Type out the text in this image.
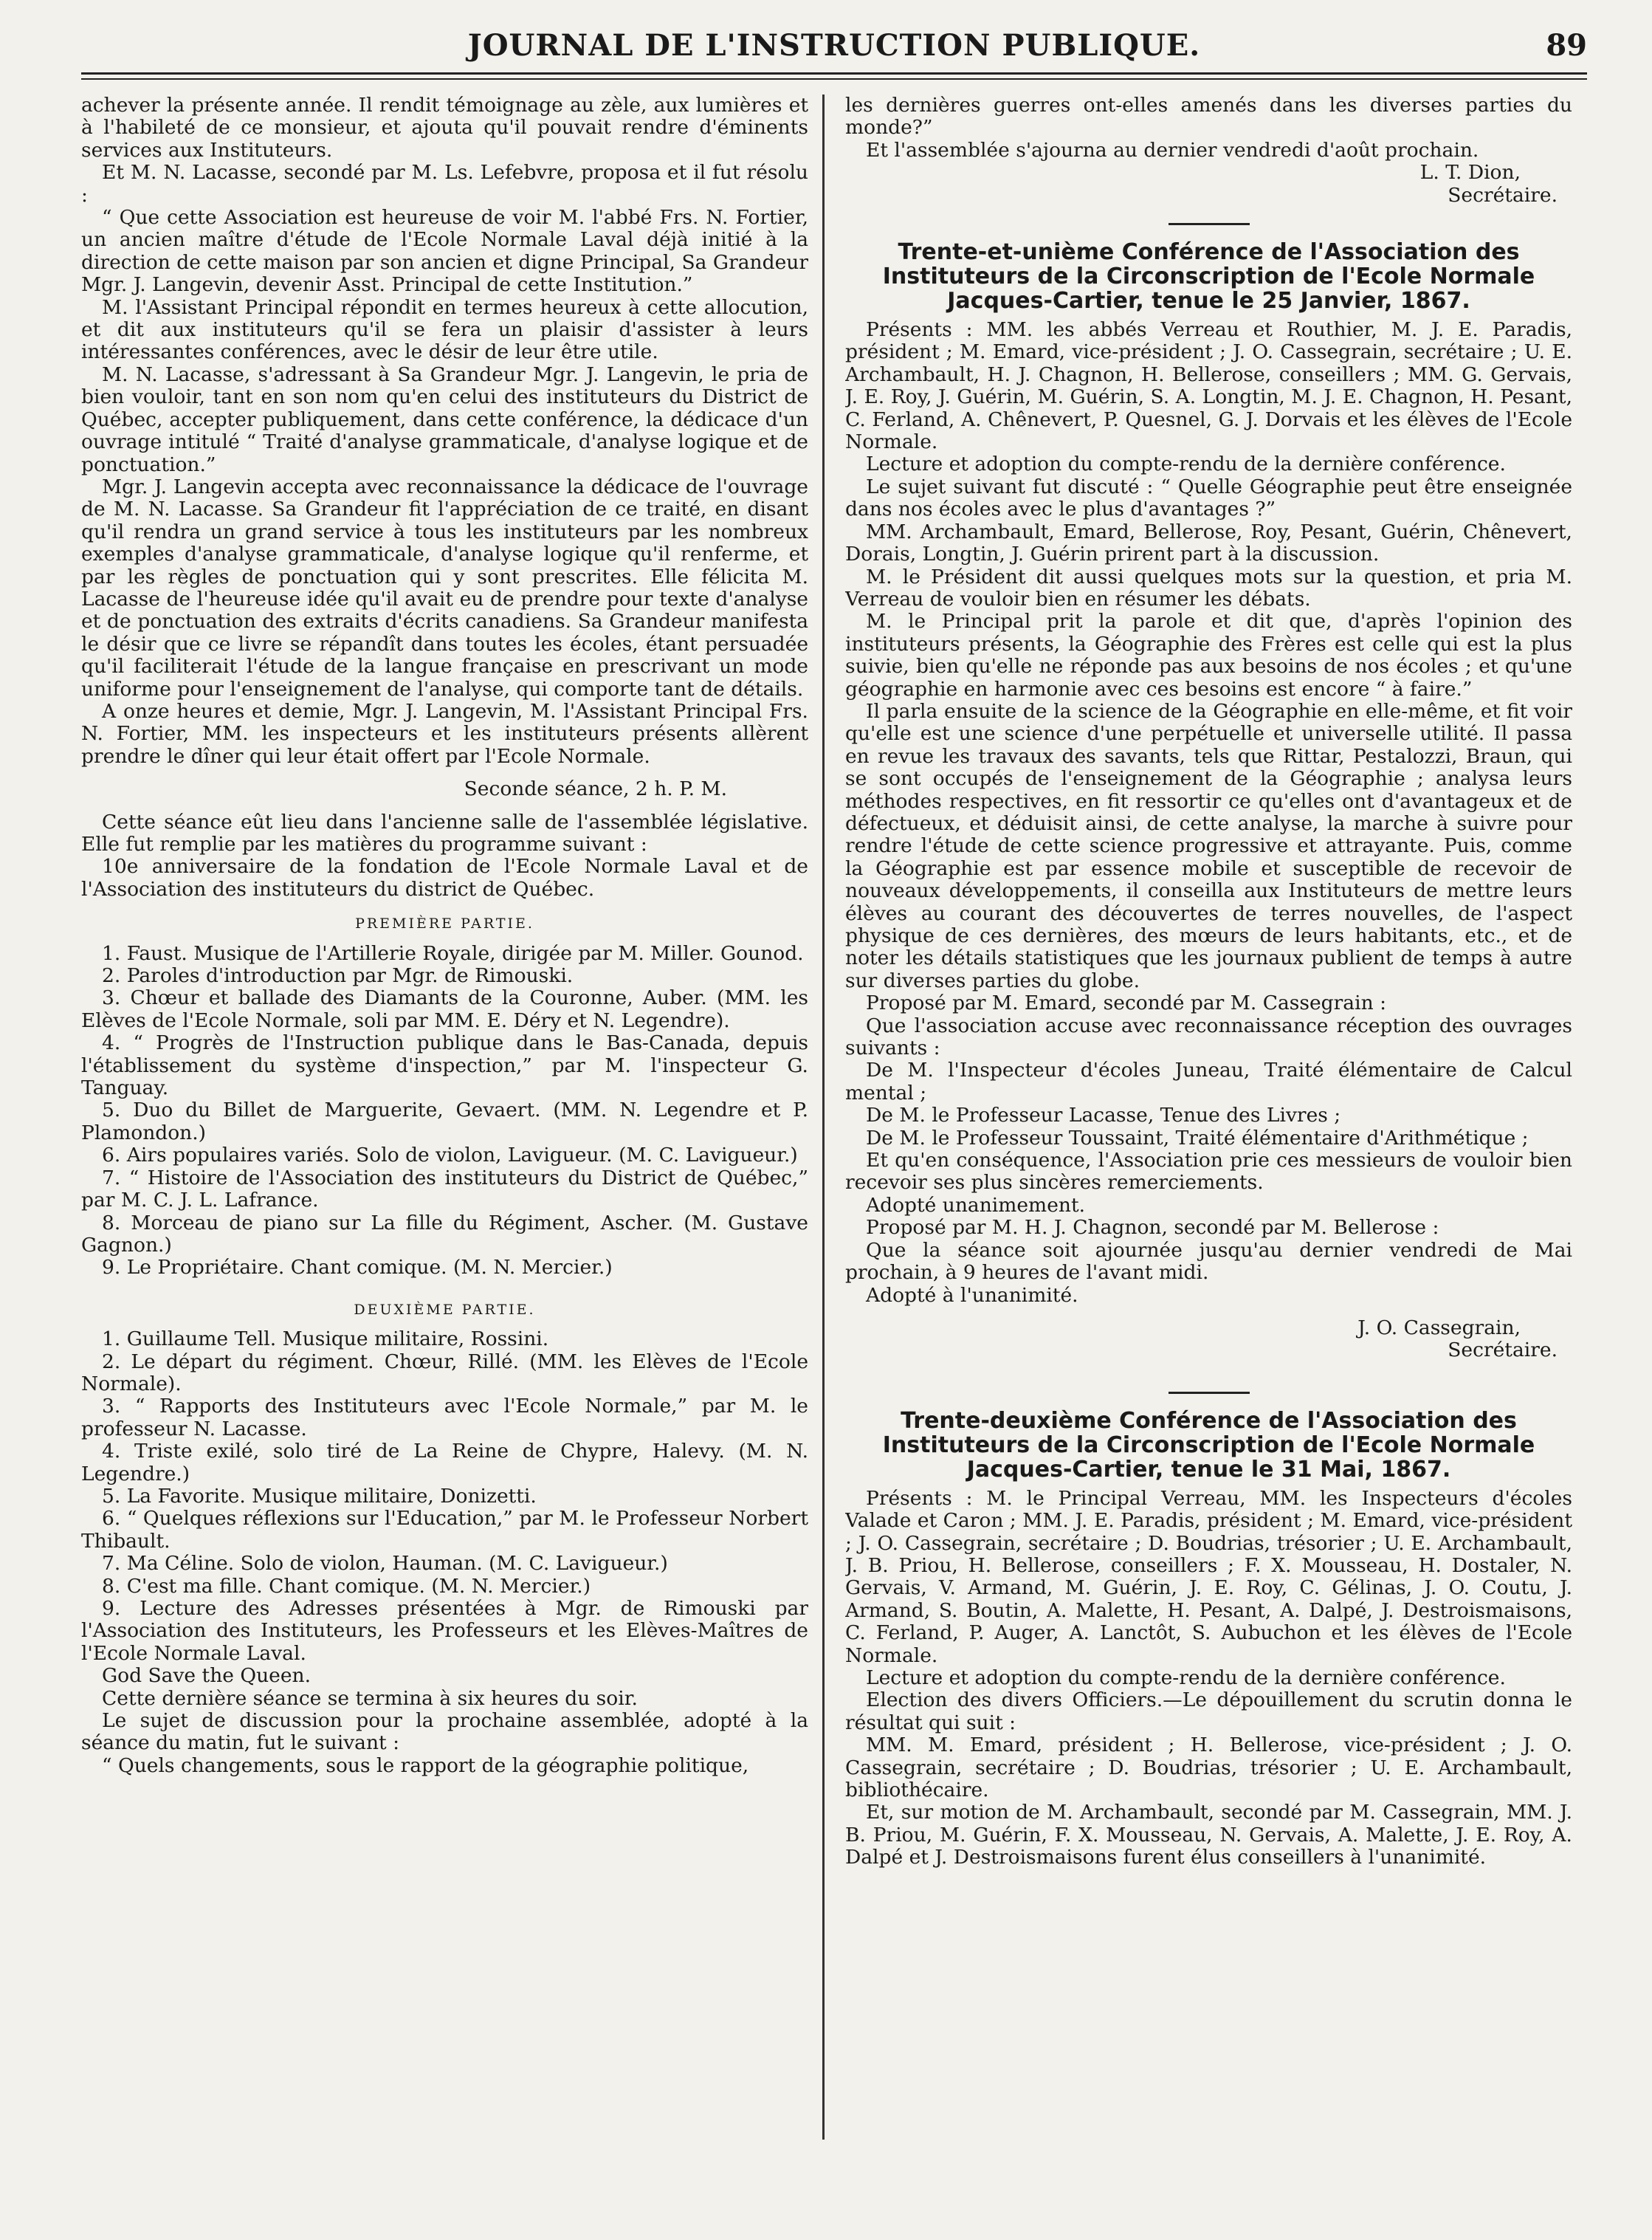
JOURNAL DE L'INSTRUCTION PUBLIQUE.	89

achever la présente année. Il rendit témoignage au zèle, aux lumières et à l'habileté de ce monsieur, et ajouta qu'il pouvait rendre d'éminents services aux Instituteurs.

Et M. N. Lacasse, secondé par M. Ls. Lefebvre, proposa et il fut résolu :

“ Que cette Association est heureuse de voir M. l'abbé Frs. N. Fortier, un ancien maître d'étude de l'Ecole Normale Laval déjà initié à la direction de cette maison par son ancien et digne Principal, Sa Grandeur Mgr. J. Langevin, devenir Asst. Principal de cette Institution.”

M. l'Assistant Principal répondit en termes heureux à cette allocution, et dit aux instituteurs qu'il se fera un plaisir d'assister à leurs intéressantes conférences, avec le désir de leur être utile.

M. N. Lacasse, s'adressant à Sa Grandeur Mgr. J. Langevin, le pria de bien vouloir, tant en son nom qu'en celui des instituteurs du District de Québec, accepter publiquement, dans cette conférence, la dédicace d'un ouvrage intitulé “ Traité d'analyse grammaticale, d'analyse logique et de ponctuation.”

Mgr. J. Langevin accepta avec reconnaissance la dédicace de l'ouvrage de M. N. Lacasse. Sa Grandeur fit l'appréciation de ce traité, en disant qu'il rendra un grand service à tous les instituteurs par les nombreux exemples d'analyse grammaticale, d'analyse logique qu'il renferme, et par les règles de ponctuation qui y sont prescrites. Elle félicita M. Lacasse de l'heureuse idée qu'il avait eu de prendre pour texte d'analyse et de ponctuation des extraits d'écrits canadiens. Sa Grandeur manifesta le désir que ce livre se répandît dans toutes les écoles, étant persuadée qu'il faciliterait l'étude de la langue française en prescrivant un mode uniforme pour l'enseignement de l'analyse, qui comporte tant de détails.

A onze heures et demie, Mgr. J. Langevin, M. l'Assistant Principal Frs. N. Fortier, MM. les inspecteurs et les instituteurs présents allèrent prendre le dîner qui leur était offert par l'Ecole Normale.

Seconde séance, 2 h. P. M.

Cette séance eût lieu dans l'ancienne salle de l'assemblée législative. Elle fut remplie par les matières du programme suivant :

10e anniversaire de la fondation de l'Ecole Normale Laval et de l'Association des instituteurs du district de Québec.

PREMIÈRE PARTIE.

1. Faust. Musique de l'Artillerie Royale, dirigée par M. Miller. Gounod.

2. Paroles d'introduction par Mgr. de Rimouski.

3. Chœur et ballade des Diamants de la Couronne, Auber. (MM. les Elèves de l'Ecole Normale, soli par MM. E. Déry et N. Legendre).

4. “ Progrès de l'Instruction publique dans le Bas-Canada, depuis l'établissement du système d'inspection,” par M. l'inspecteur G. Tanguay.

5. Duo du Billet de Marguerite, Gevaert. (MM. N. Legendre et P. Plamondon.)

6. Airs populaires variés. Solo de violon, Lavigueur. (M. C. Lavigueur.)

7. “ Histoire de l'Association des instituteurs du District de Québec,” par M. C. J. L. Lafrance.

8. Morceau de piano sur La fille du Régiment, Ascher. (M. Gustave Gagnon.)

9. Le Propriétaire. Chant comique. (M. N. Mercier.)

DEUXIÈME PARTIE.

1. Guillaume Tell. Musique militaire, Rossini.

2. Le départ du régiment. Chœur, Rillé. (MM. les Elèves de l'Ecole Normale).

3. “ Rapports des Instituteurs avec l'Ecole Normale,” par M. le professeur N. Lacasse.

4. Triste exilé, solo tiré de La Reine de Chypre, Halevy. (M. N. Legendre.)

5. La Favorite. Musique militaire, Donizetti.

6. “ Quelques réflexions sur l'Education,” par M. le Professeur Norbert Thibault.

7. Ma Céline. Solo de violon, Hauman. (M. C. Lavigueur.)

8. C'est ma fille. Chant comique. (M. N. Mercier.)

9. Lecture des Adresses présentées à Mgr. de Rimouski par l'Association des Instituteurs, les Professeurs et les Elèves-Maîtres de l'Ecole Normale Laval.

God Save the Queen.

Cette dernière séance se termina à six heures du soir.

Le sujet de discussion pour la prochaine assemblée, adopté à la séance du matin, fut le suivant :

“ Quels changements, sous le rapport de la géographie politique,

les dernières guerres ont-elles amenés dans les diverses parties du monde?”

Et l'assemblée s'ajourna au dernier vendredi d'août prochain.

L. T. Dion,

Secrétaire.

Trente-et-unième Conférence de l'Association des Instituteurs de la Circonscription de l'Ecole Normale Jacques-Cartier, tenue le 25 Janvier, 1867.

Présents : MM. les abbés Verreau et Routhier, M. J. E. Paradis, président ; M. Emard, vice-président ; J. O. Cassegrain, secrétaire ; U. E. Archambault, H. J. Chagnon, H. Bellerose, conseillers ; MM. G. Gervais, J. E. Roy, J. Guérin, M. Guérin, S. A. Longtin, M. J. E. Chagnon, H. Pesant, C. Ferland, A. Chênevert, P. Quesnel, G. J. Dorvais et les élèves de l'Ecole Normale.

Lecture et adoption du compte-rendu de la dernière conférence.

Le sujet suivant fut discuté : “ Quelle Géographie peut être enseignée dans nos écoles avec le plus d'avantages ?”

MM. Archambault, Emard, Bellerose, Roy, Pesant, Guérin, Chênevert, Dorais, Longtin, J. Guérin prirent part à la discussion.

M. le Président dit aussi quelques mots sur la question, et pria M. Verreau de vouloir bien en résumer les débats.

M. le Principal prit la parole et dit que, d'après l'opinion des instituteurs présents, la Géographie des Frères est celle qui est la plus suivie, bien qu'elle ne réponde pas aux besoins de nos écoles ; et qu'une géographie en harmonie avec ces besoins est encore “ à faire.”

Il parla ensuite de la science de la Géographie en elle-même, et fit voir qu'elle est une science d'une perpétuelle et universelle utilité. Il passa en revue les travaux des savants, tels que Rittar, Pestalozzi, Braun, qui se sont occupés de l'enseignement de la Géographie ; analysa leurs méthodes respectives, en fit ressortir ce qu'elles ont d'avantageux et de défectueux, et déduisit ainsi, de cette analyse, la marche à suivre pour rendre l'étude de cette science progressive et attrayante. Puis, comme la Géographie est par essence mobile et susceptible de recevoir de nouveaux développements, il conseilla aux Instituteurs de mettre leurs élèves au courant des découvertes de terres nouvelles, de l'aspect physique de ces dernières, des mœurs de leurs habitants, etc., et de noter les détails statistiques que les journaux publient de temps à autre sur diverses parties du globe.

Proposé par M. Emard, secondé par M. Cassegrain :

Que l'association accuse avec reconnaissance réception des ouvrages suivants :

De M. l'Inspecteur d'écoles Juneau, Traité élémentaire de Calcul mental ;

De M. le Professeur Lacasse, Tenue des Livres ;

De M. le Professeur Toussaint, Traité élémentaire d'Arithmétique ;

Et qu'en conséquence, l'Association prie ces messieurs de vouloir bien recevoir ses plus sincères remerciements.

Adopté unanimement.

Proposé par M. H. J. Chagnon, secondé par M. Bellerose :

Que la séance soit ajournée jusqu'au dernier vendredi de Mai prochain, à 9 heures de l'avant midi.

Adopté à l'unanimité.

J. O. Cassegrain,

Secrétaire.

Trente-deuxième Conférence de l'Association des Instituteurs de la Circonscription de l'Ecole Normale Jacques-Cartier, tenue le 31 Mai, 1867.

Présents : M. le Principal Verreau, MM. les Inspecteurs d'écoles Valade et Caron ; MM. J. E. Paradis, président ; M. Emard, vice-président ; J. O. Cassegrain, secrétaire ; D. Boudrias, trésorier ; U. E. Archambault, J. B. Priou, H. Bellerose, conseillers ; F. X. Mousseau, H. Dostaler, N. Gervais, V. Armand, M. Guérin, J. E. Roy, C. Gélinas, J. O. Coutu, J. Armand, S. Boutin, A. Malette, H. Pesant, A. Dalpé, J. Destroismaisons, C. Ferland, P. Auger, A. Lanctôt, S. Aubuchon et les élèves de l'Ecole Normale.

Lecture et adoption du compte-rendu de la dernière conférence.

Election des divers Officiers.—Le dépouillement du scrutin donna le résultat qui suit :

MM. M. Emard, président ; H. Bellerose, vice-président ; J. O. Cassegrain, secrétaire ; D. Boudrias, trésorier ; U. E. Archambault, bibliothécaire.

Et, sur motion de M. Archambault, secondé par M. Cassegrain, MM. J. B. Priou, M. Guérin, F. X. Mousseau, N. Gervais, A. Malette, J. E. Roy, A. Dalpé et J. Destroismaisons furent élus conseillers à l'unanimité.
